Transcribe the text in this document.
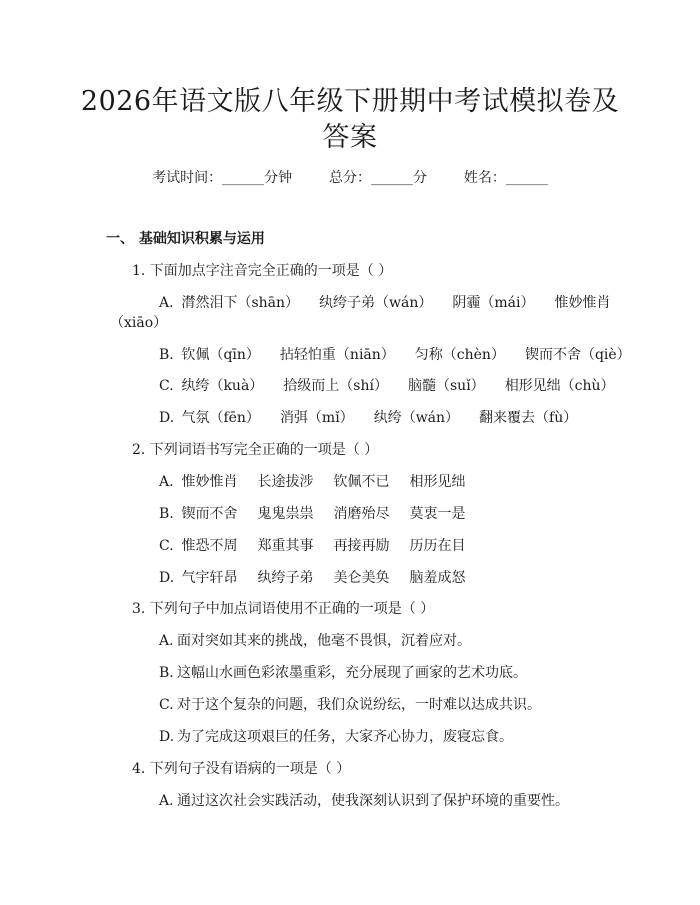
2026年语文版八年级下册期中考试模拟卷及
答案
考试时间：______分钟	总分：______分	姓名：______
一、 基础知识积累与运用
1. 下面加点字注音完全正确的一项是（ ）
A. 潸然泪下（shān） 纨绔子弟（wán） 阴霾（mái） 惟妙惟肖
（xiāo）
B. 钦佩（qīn） 拈轻怕重（niān） 匀称（chèn） 锲而不舍（qiè）
C. 纨绔（kuà） 拾级而上（shí） 脑髓（suǐ） 相形见绌（chù）
D. 气氛（fēn） 消弭（mǐ） 纨绔（wán） 翻来覆去（fù）
2. 下列词语书写完全正确的一项是（ ）
A. 惟妙惟肖 长途拔涉 钦佩不已 相形见绌
B. 锲而不舍 鬼鬼祟祟 消磨殆尽 莫衷一是
C. 惟恐不周 郑重其事 再接再励 历历在目
D. 气宇轩昂 纨绔子弟 美仑美奂 脑羞成怒
3. 下列句子中加点词语使用不正确的一项是（ ）
A. 面对突如其来的挑战，他毫不畏惧，沉着应对。
B. 这幅山水画色彩浓墨重彩，充分展现了画家的艺术功底。
C. 对于这个复杂的问题，我们众说纷纭，一时难以达成共识。
D. 为了完成这项艰巨的任务，大家齐心协力，废寝忘食。
4. 下列句子没有语病的一项是（ ）
A. 通过这次社会实践活动，使我深刻认识到了保护环境的重要性。
